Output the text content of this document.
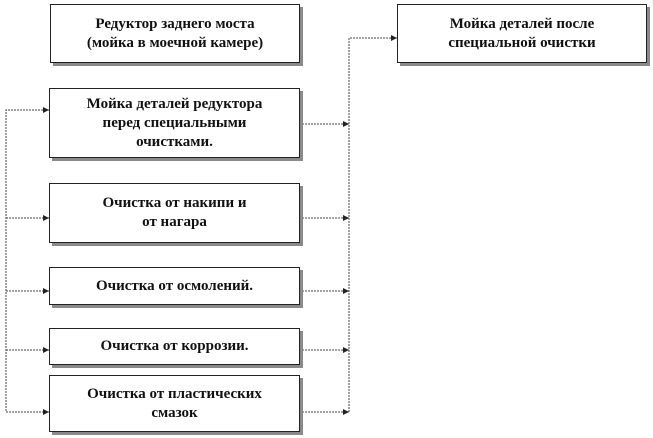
Редуктор заднего моста
(мойка в моечной камере)
Мойка деталей после
специальной очистки
Мойка деталей редуктора
перед специальными
очистками.
Очистка от накипи и
от нагара
Очистка от осмолений.
Очистка от коррозии.
Очистка от пластических
смазок
